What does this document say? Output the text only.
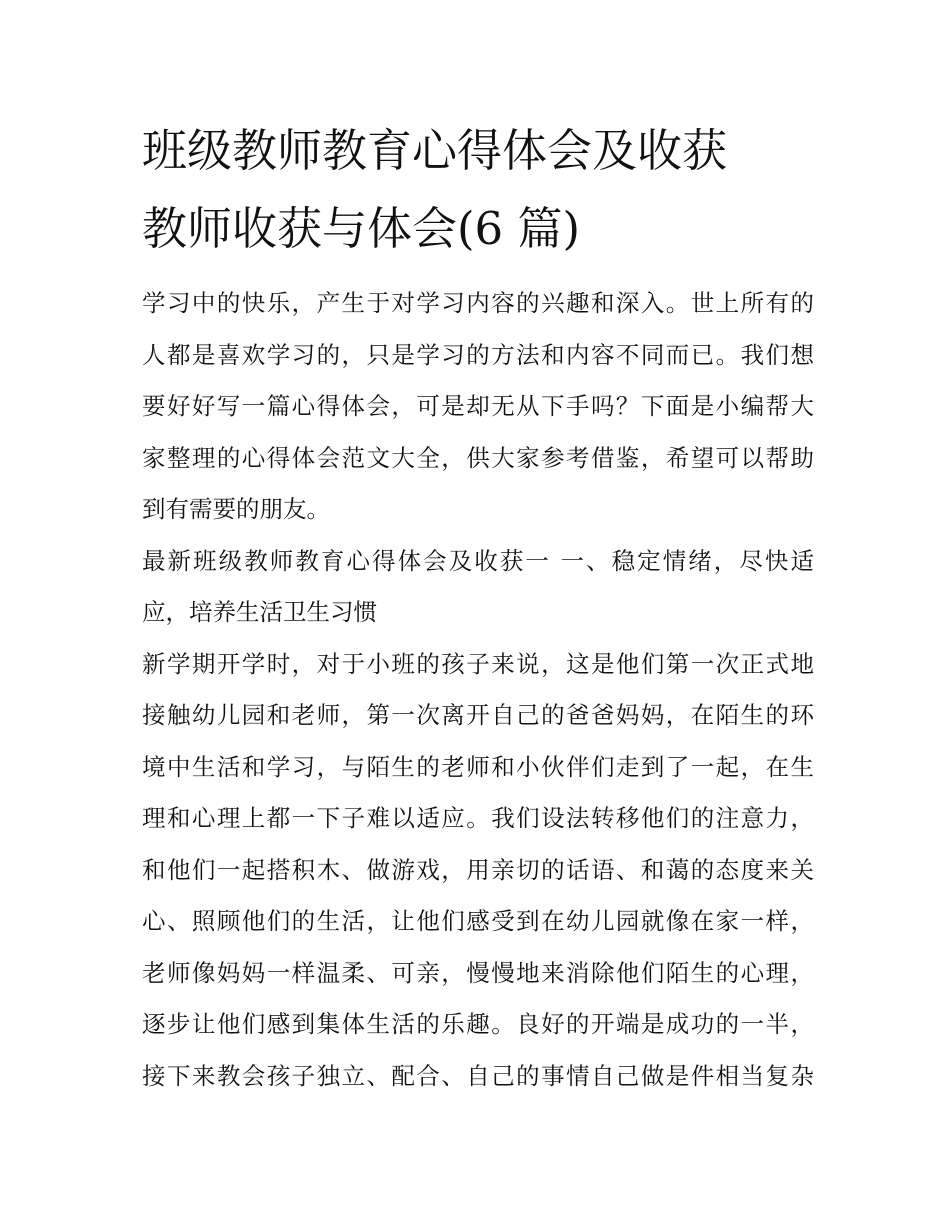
班级教师教育心得体会及收获
教师收获与体会(6 篇)

学习中的快乐，产生于对学习内容的兴趣和深入。世上所有的
人都是喜欢学习的，只是学习的方法和内容不同而已。我们想
要好好写一篇心得体会，可是却无从下手吗？下面是小编帮大
家整理的心得体会范文大全，供大家参考借鉴，希望可以帮助
到有需要的朋友。

最新班级教师教育心得体会及收获一 一、稳定情绪，尽快适
应，培养生活卫生习惯

新学期开学时，对于小班的孩子来说，这是他们第一次正式地
接触幼儿园和老师，第一次离开自己的爸爸妈妈，在陌生的环
境中生活和学习，与陌生的老师和小伙伴们走到了一起，在生
理和心理上都一下子难以适应。我们设法转移他们的注意力，
和他们一起搭积木、做游戏，用亲切的话语、和蔼的态度来关
心、照顾他们的生活，让他们感受到在幼儿园就像在家一样，
老师像妈妈一样温柔、可亲，慢慢地来消除他们陌生的心理，
逐步让他们感到集体生活的乐趣。良好的开端是成功的一半，
接下来教会孩子独立、配合、自己的事情自己做是件相当复杂
